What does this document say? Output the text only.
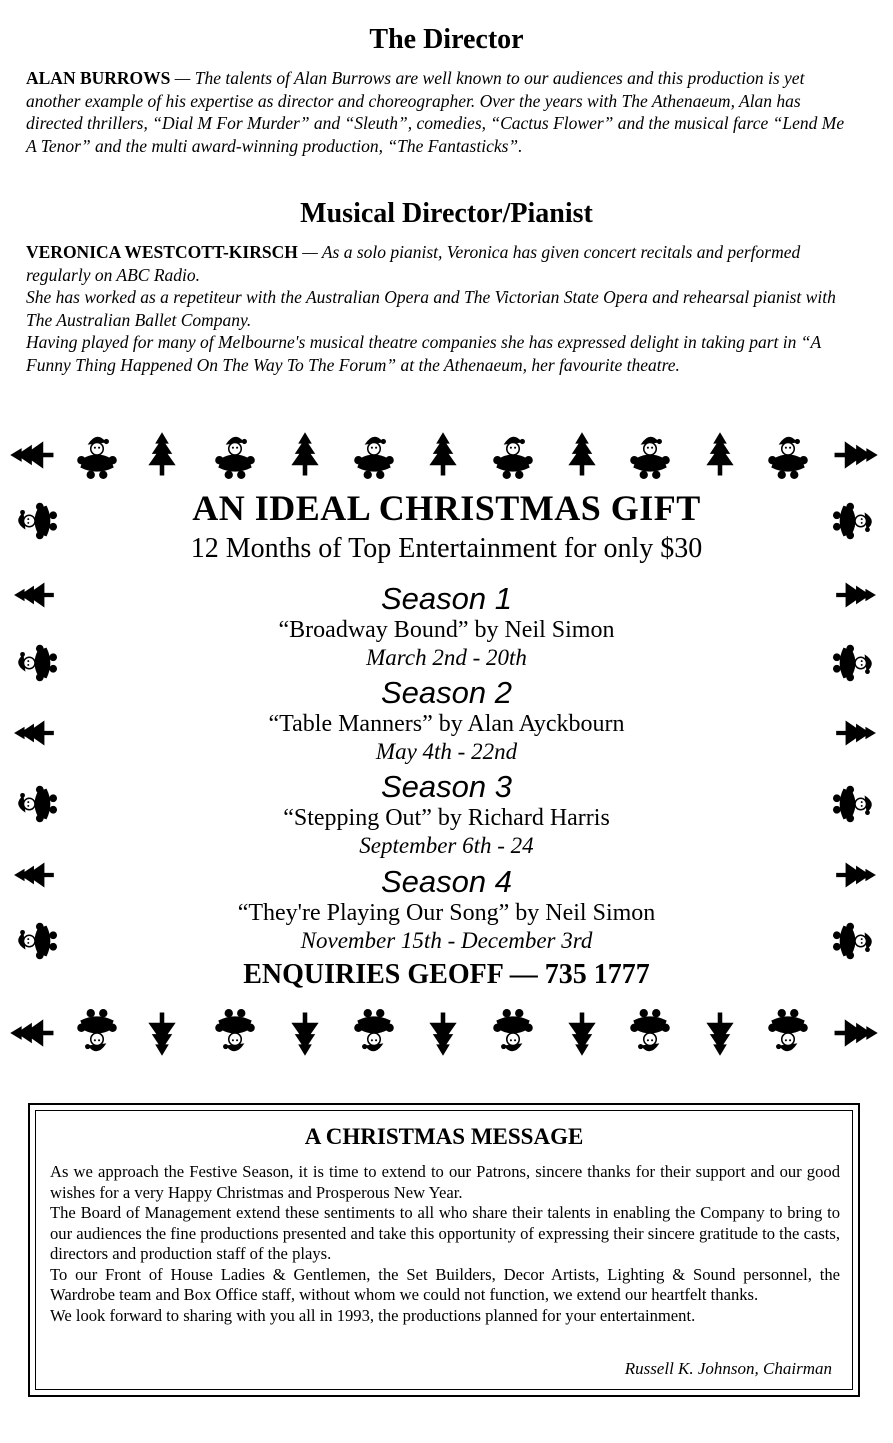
The Director

ALAN BURROWS — The talents of Alan Burrows are well known to our audiences and this production is yet another example of his expertise as director and choreographer. Over the years with The Athenaeum, Alan has directed thrillers, “Dial M For Murder” and “Sleuth”, comedies, “Cactus Flower” and the musical farce “Lend Me A Tenor” and the multi award-winning production, “The Fantasticks”.

Musical Director/Pianist

VERONICA WESTCOTT-KIRSCH — As a solo pianist, Veronica has given concert recitals and performed regularly on ABC Radio.

She has worked as a repetiteur with the Australian Opera and The Victorian State Opera and rehearsal pianist with The Australian Ballet Company.

Having played for many of Melbourne's musical theatre companies she has expressed delight in taking part in “A Funny Thing Happened On The Way To The Forum” at the Athenaeum, her favourite theatre.

AN IDEAL CHRISTMAS GIFT
12 Months of Top Entertainment for only $30
Season 1
“Broadway Bound” by Neil Simon
March 2nd - 20th
Season 2
“Table Manners” by Alan Ayckbourn
May 4th - 22nd
Season 3
“Stepping Out” by Richard Harris
September 6th - 24
Season 4
“They're Playing Our Song” by Neil Simon
November 15th - December 3rd
ENQUIRIES GEOFF — 735 1777
A CHRISTMAS MESSAGE

As we approach the Festive Season, it is time to extend to our Patrons, sincere thanks for their support and our good wishes for a very Happy Christmas and Prosperous New Year.

The Board of Management extend these sentiments to all who share their talents in enabling the Company to bring to our audiences the fine productions presented and take this opportunity of expressing their sincere gratitude to the casts, directors and production staff of the plays.

To our Front of House Ladies & Gentlemen, the Set Builders, Decor Artists, Lighting & Sound personnel, the Wardrobe team and Box Office staff, without whom we could not function, we extend our heartfelt thanks.

We look forward to sharing with you all in 1993, the productions planned for your entertainment.

Russell K. Johnson, Chairman
